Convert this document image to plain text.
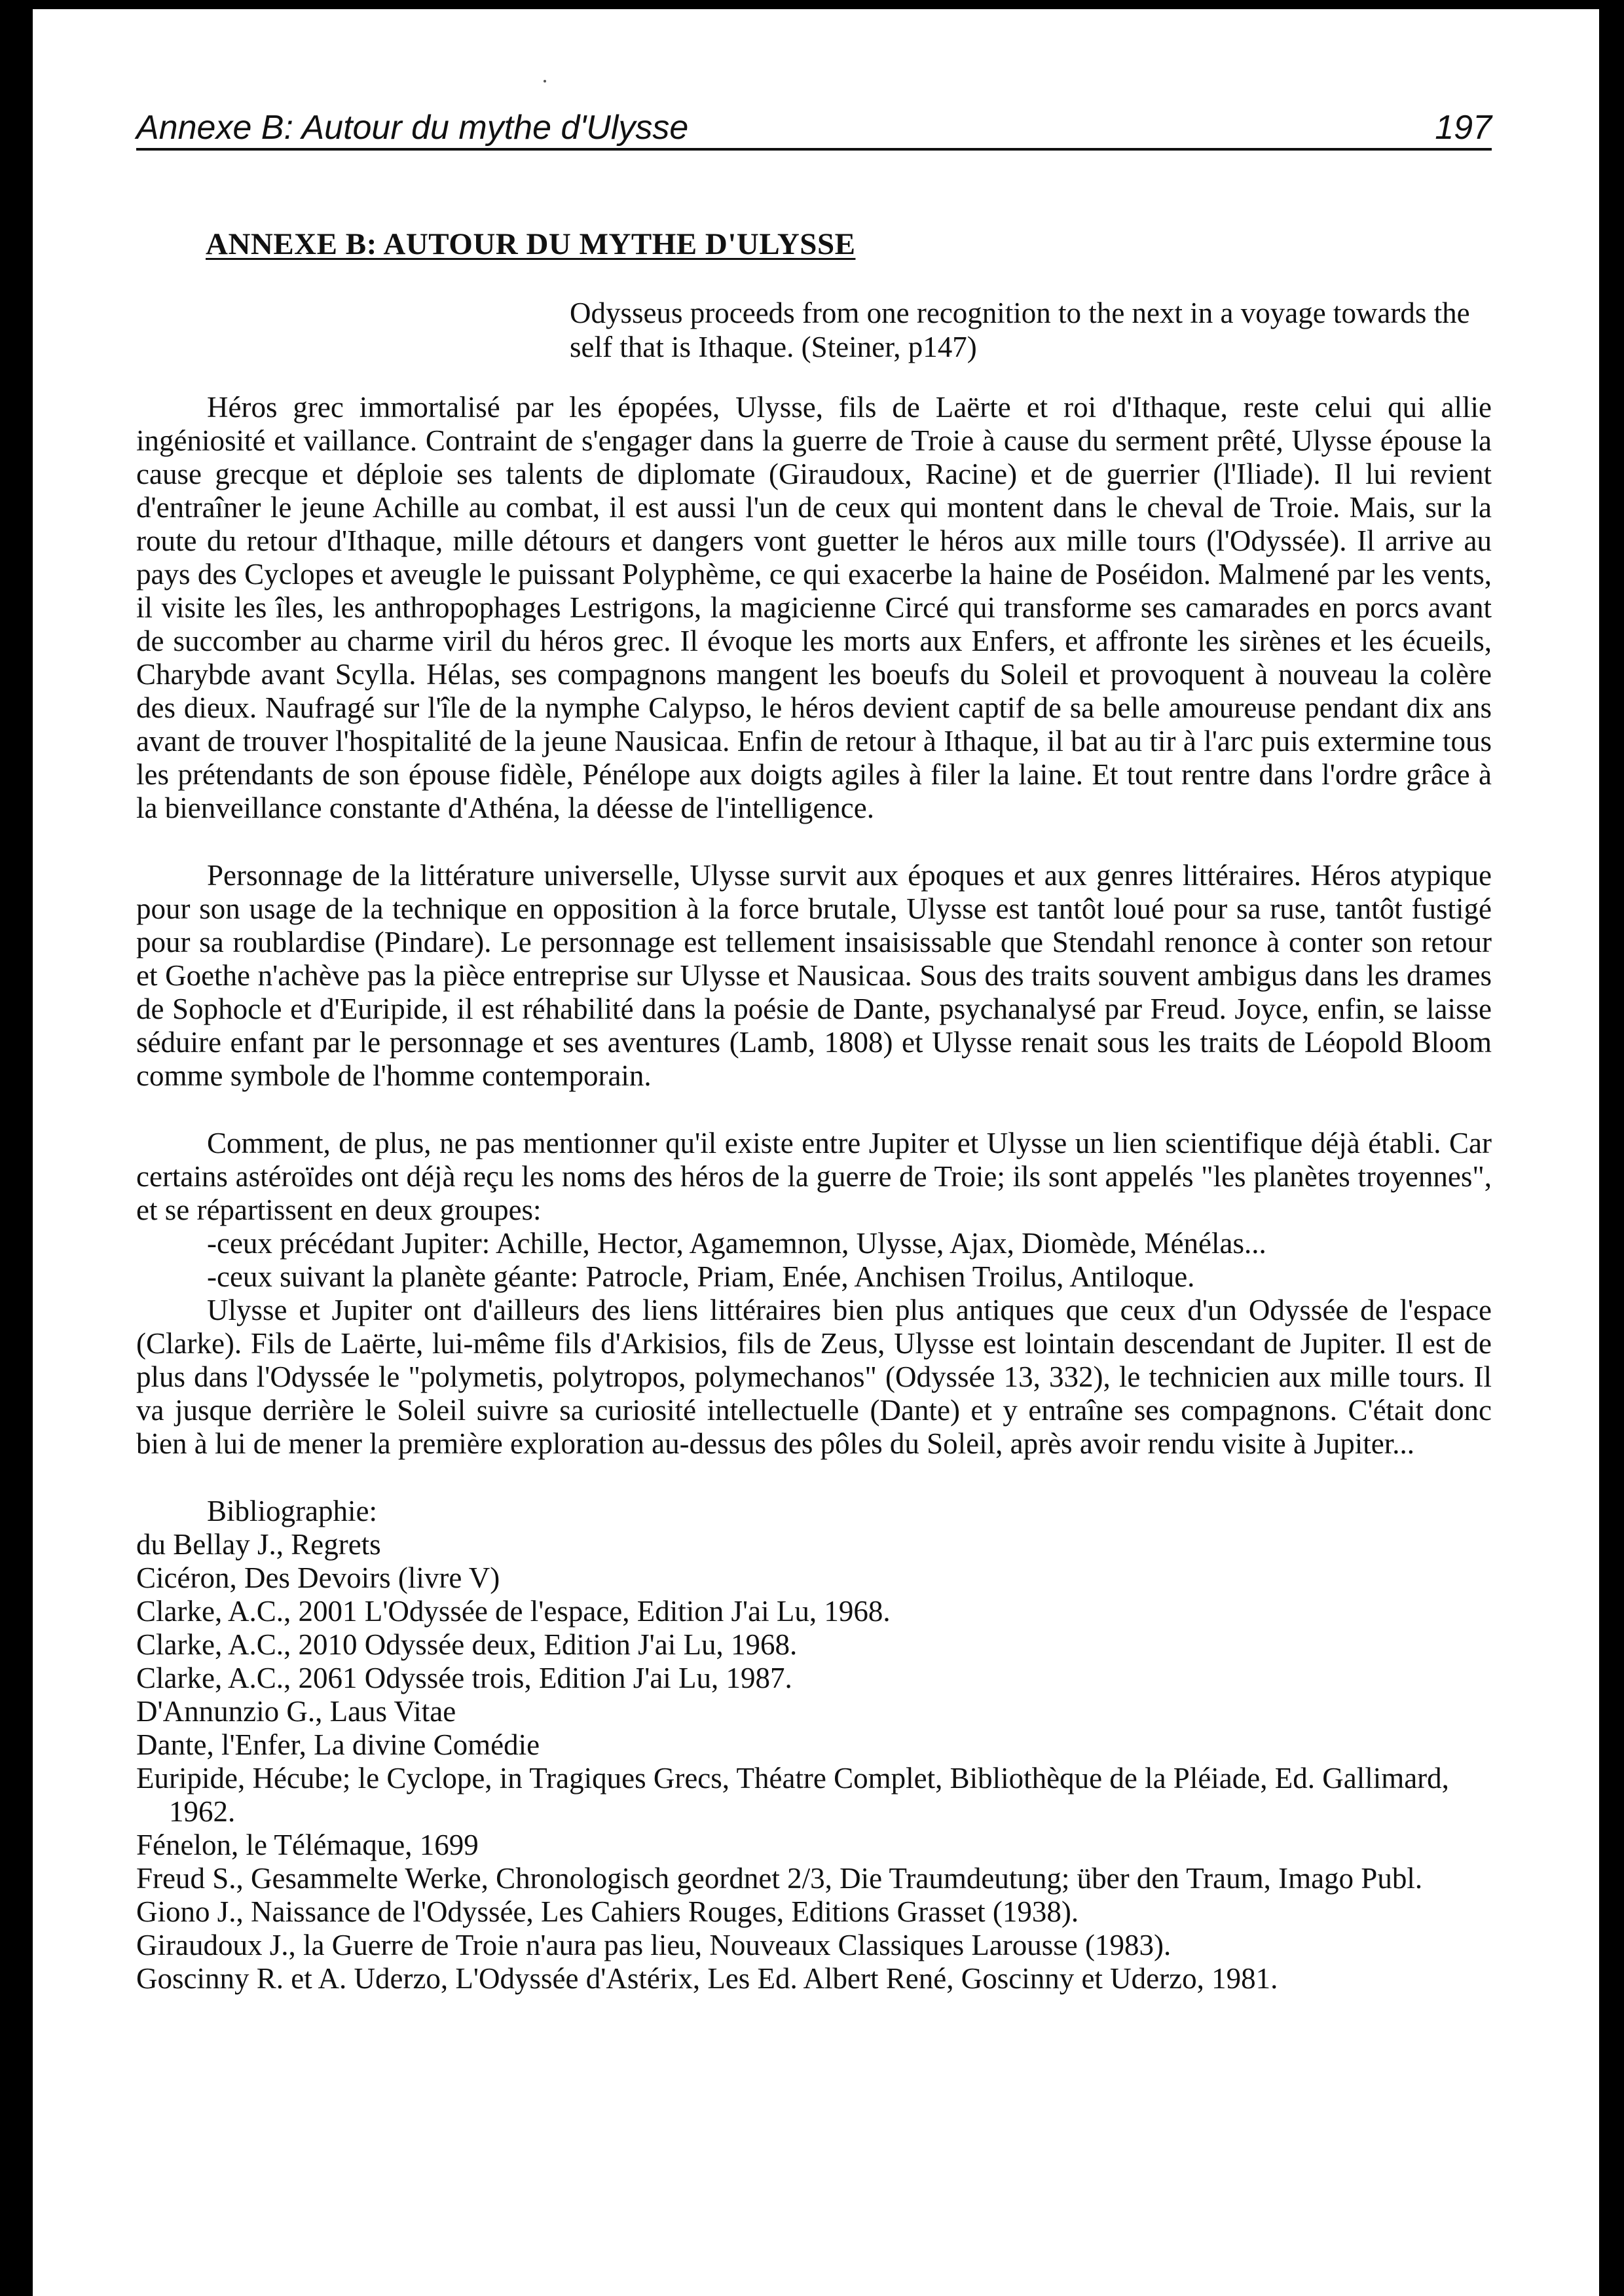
Annexe B: Autour du mythe d'Ulysse	197
ANNEXE B: AUTOUR DU MYTHE D'ULYSSE
Odysseus proceeds from one recognition to the next in a voyage towards the self that is Ithaque. (Steiner, p147)

Héros grec immortalisé par les épopées, Ulysse, fils de Laërte et roi d'Ithaque, reste celui qui allie ingéniosité et vaillance. Contraint de s'engager dans la guerre de Troie à cause du serment prêté, Ulysse épouse la cause grecque et déploie ses talents de diplomate (Giraudoux, Racine) et de guerrier (l'Iliade). Il lui revient d'entraîner le jeune Achille au combat, il est aussi l'un de ceux qui montent dans le cheval de Troie. Mais, sur la route du retour d'Ithaque, mille détours et dangers vont guetter le héros aux mille tours (l'Odyssée). Il arrive au pays des Cyclopes et aveugle le puissant Polyphème, ce qui exacerbe la haine de Poséidon. Malmené par les vents, il visite les îles, les anthropophages Lestrigons, la magicienne Circé qui transforme ses camarades en porcs avant de succomber au charme viril du héros grec. Il évoque les morts aux Enfers, et affronte les sirènes et les écueils, Charybde avant Scylla. Hélas, ses compagnons mangent les boeufs du Soleil et provoquent à nouveau la colère des dieux. Naufragé sur l'île de la nymphe Calypso, le héros devient captif de sa belle amoureuse pendant dix ans avant de trouver l'hospitalité de la jeune Nausicaa. Enfin de retour à Ithaque, il bat au tir à l'arc puis extermine tous les prétendants de son épouse fidèle, Pénélope aux doigts agiles à filer la laine. Et tout rentre dans l'ordre grâce à la bienveillance constante d'Athéna, la déesse de l'intelligence.

Personnage de la littérature universelle, Ulysse survit aux époques et aux genres littéraires. Héros atypique pour son usage de la technique en opposition à la force brutale, Ulysse est tantôt loué pour sa ruse, tantôt fustigé pour sa roublardise (Pindare). Le personnage est tellement insaisissable que Stendahl renonce à conter son retour et Goethe n'achève pas la pièce entreprise sur Ulysse et Nausicaa. Sous des traits souvent ambigus dans les drames de Sophocle et d'Euripide, il est réhabilité dans la poésie de Dante, psychanalysé par Freud. Joyce, enfin, se laisse séduire enfant par le personnage et ses aventures (Lamb, 1808) et Ulysse renait sous les traits de Léopold Bloom comme symbole de l'homme contemporain.

Comment, de plus, ne pas mentionner qu'il existe entre Jupiter et Ulysse un lien scientifique déjà établi. Car certains astéroïdes ont déjà reçu les noms des héros de la guerre de Troie; ils sont appelés "les planètes troyennes", et se répartissent en deux groupes:

-ceux précédant Jupiter: Achille, Hector, Agamemnon, Ulysse, Ajax, Diomède, Ménélas...

-ceux suivant la planète géante: Patrocle, Priam, Enée, Anchisen Troilus, Antiloque.

Ulysse et Jupiter ont d'ailleurs des liens littéraires bien plus antiques que ceux d'un Odyssée de l'espace (Clarke). Fils de Laërte, lui-même fils d'Arkisios, fils de Zeus, Ulysse est lointain descendant de Jupiter. Il est de plus dans l'Odyssée le "polymetis, polytropos, polymechanos" (Odyssée 13, 332), le technicien aux mille tours. Il va jusque derrière le Soleil suivre sa curiosité intellectuelle (Dante) et y entraîne ses compagnons. C'était donc bien à lui de mener la première exploration au-dessus des pôles du Soleil, après avoir rendu visite à Jupiter...

Bibliographie:

du Bellay J., Regrets
Cicéron, Des Devoirs (livre V)
Clarke, A.C., 2001 L'Odyssée de l'espace, Edition J'ai Lu, 1968.
Clarke, A.C., 2010 Odyssée deux, Edition J'ai Lu, 1968.
Clarke, A.C., 2061 Odyssée trois, Edition J'ai Lu, 1987.
D'Annunzio G., Laus Vitae
Dante, l'Enfer, La divine Comédie
Euripide, Hécube; le Cyclope, in Tragiques Grecs, Théatre Complet, Bibliothèque de la Pléiade, Ed. Gallimard, 1962.
Fénelon, le Télémaque, 1699
Freud S., Gesammelte Werke, Chronologisch geordnet 2/3, Die Traumdeutung; über den Traum, Imago Publ.
Giono J., Naissance de l'Odyssée, Les Cahiers Rouges, Editions Grasset (1938).
Giraudoux J., la Guerre de Troie n'aura pas lieu, Nouveaux Classiques Larousse (1983).
Goscinny R. et A. Uderzo, L'Odyssée d'Astérix, Les Ed. Albert René, Goscinny et Uderzo, 1981.
